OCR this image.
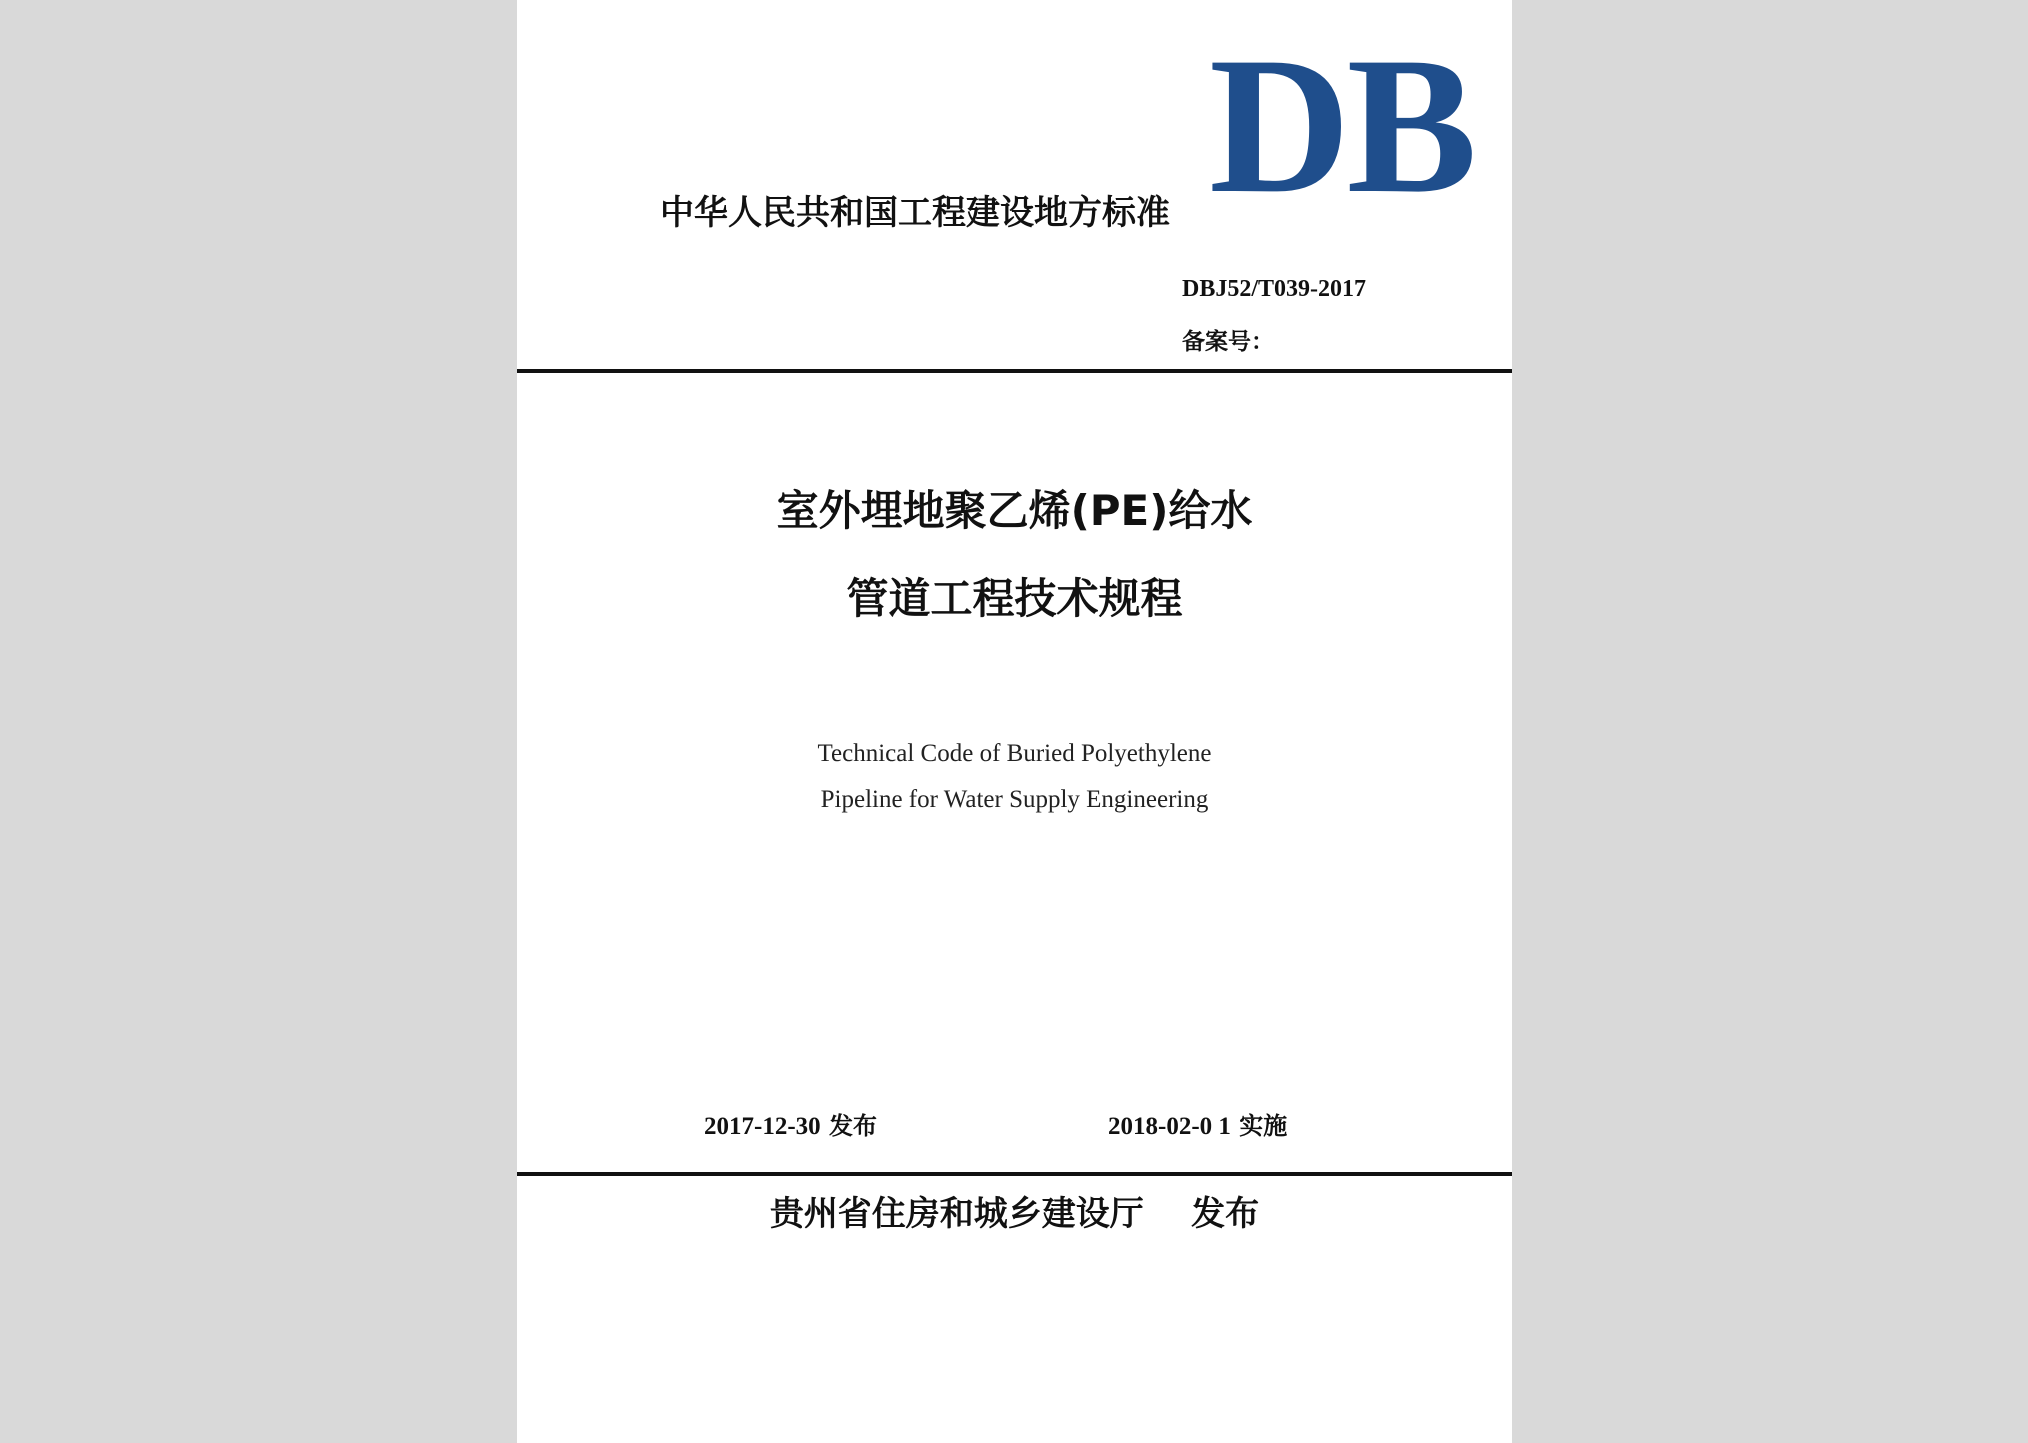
DB
中华人民共和国工程建设地方标准
DBJ52/T039-2017
备案号：
室外埋地聚乙烯(PE)给水
管道工程技术规程
Technical Code of Buried Polyethylene
Pipeline for Water Supply Engineering
2017-12-30 发布	2018-02-0 1 实施
贵州省住房和城乡建设厅    发布
